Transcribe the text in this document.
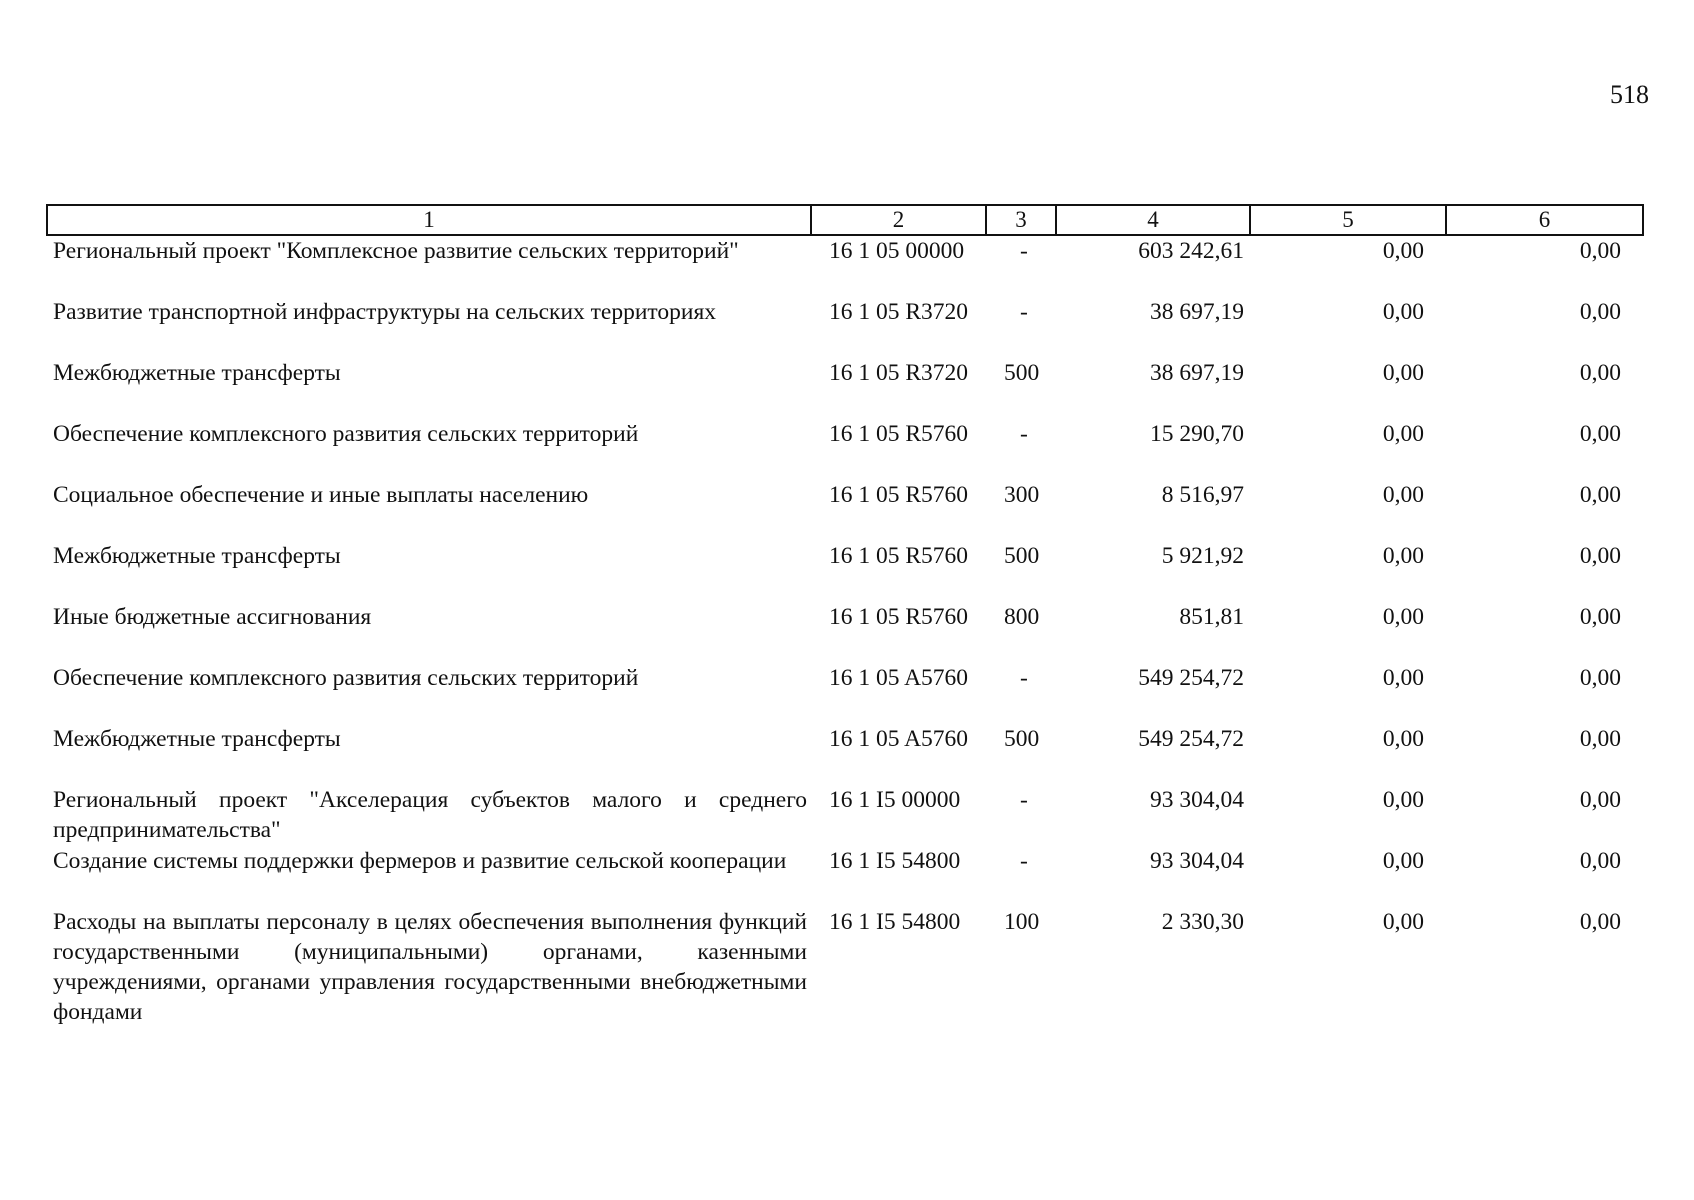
518
1	2	3	4	5	6
Региональный проект "Комплексное развитие сельских территорий"	16 1 05 00000	-	603 242,61	0,00	0,00
Развитие транспортной инфраструктуры на сельских территориях	16 1 05 R3720	-	38 697,19	0,00	0,00
Межбюджетные трансферты	16 1 05 R3720	500	38 697,19	0,00	0,00
Обеспечение комплексного развития сельских территорий	16 1 05 R5760	-	15 290,70	0,00	0,00
Социальное обеспечение и иные выплаты населению	16 1 05 R5760	300	8 516,97	0,00	0,00
Межбюджетные трансферты	16 1 05 R5760	500	5 921,92	0,00	0,00
Иные бюджетные ассигнования	16 1 05 R5760	800	851,81	0,00	0,00
Обеспечение комплексного развития сельских территорий	16 1 05 A5760	-	549 254,72	0,00	0,00
Межбюджетные трансферты	16 1 05 A5760	500	549 254,72	0,00	0,00
Региональный проект "Акселерация субъектов малого и среднего предпринимательства"	16 1 I5 00000	-	93 304,04	0,00	0,00
Создание системы поддержки фермеров и развитие сельской кооперации	16 1 I5 54800	-	93 304,04	0,00	0,00
Расходы на выплаты персоналу в целях обеспечения выполнения функций государственными (муниципальными) органами, казенными учреждениями, органами управления государственными внебюджетными фондами	16 1 I5 54800	100	2 330,30	0,00	0,00
